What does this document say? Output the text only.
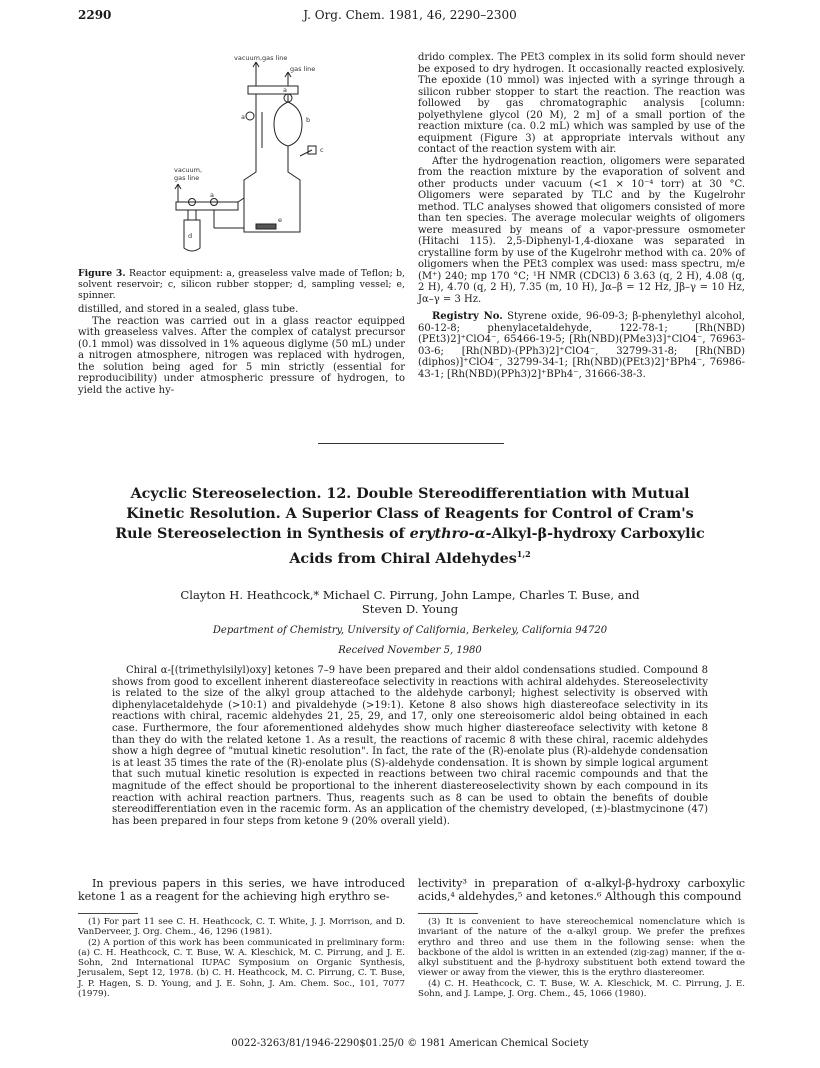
2290	J. Org. Chem. 1981, 46, 2290–2300
vacuum,gas line
gas line
vacuum,
gas line
a
a
a
b
c
d
e
Figure 3. Reactor equipment: a, greaseless valve made of Teflon; b, solvent reservoir; c, silicon rubber stopper; d, sampling vessel; e, spinner.

distilled, and stored in a sealed, glass tube.

The reaction was carried out in a glass reactor equipped with greaseless valves. After the complex of catalyst precursor (0.1 mmol) was dissolved in 1% aqueous diglyme (50 mL) under a nitrogen atmosphere, nitrogen was replaced with hydrogen, the solution being aged for 5 min strictly (essential for reproducibility) under atmospheric pressure of hydrogen, to yield the active hy-

drido complex. The PEt3 complex in its solid form should never be exposed to dry hydrogen. It occasionally reacted explosively. The epoxide (10 mmol) was injected with a syringe through a silicon rubber stopper to start the reaction. The reaction was followed by gas chromatographic analysis [column: polyethylene glycol (20 M), 2 m] of a small portion of the reaction mixture (ca. 0.2 mL) which was sampled by use of the equipment (Figure 3) at appropriate intervals without any contact of the reaction system with air.

After the hydrogenation reaction, oligomers were separated from the reaction mixture by the evaporation of solvent and other products under vacuum (<1 × 10⁻⁴ torr) at 30 °C. Oligomers were separated by TLC and by the Kugelrohr method. TLC analyses showed that oligomers consisted of more than ten species. The average molecular weights of oligomers were measured by means of a vapor-pressure osmometer (Hitachi 115). 2,5-Diphenyl-1,4-dioxane was separated in crystalline form by use of the Kugelrohr method with ca. 20% of oligomers when the PEt3 complex was used: mass spectru, m/e (M⁺) 240; mp 170 °C; ¹H NMR (CDCl3) δ 3.63 (q, 2 H), 4.08 (q, 2 H), 4.70 (q, 2 H), 7.35 (m, 10 H), Jα–β = 12 Hz, Jβ–γ = 10 Hz, Jα–γ = 3 Hz.

Registry No. Styrene oxide, 96-09-3; β-phenylethyl alcohol, 60-12-8; phenylacetaldehyde, 122-78-1; [Rh(NBD)(PEt3)2]⁺ClO4⁻, 65466-19-5; [Rh(NBD)(PMe3)3]⁺ClO4⁻, 76963-03-6; [Rh(NBD)-(PPh3)2]⁺ClO4⁻, 32799-31-8; [Rh(NBD)(diphos)]⁺ClO4⁻, 32799-34-1; [Rh(NBD)(PEt3)2]⁺BPh4⁻, 76986-43-1; [Rh(NBD)(PPh3)2]⁺BPh4⁻, 31666-38-3.

Acyclic Stereoselection. 12. Double Stereodifferentiation with Mutual
Kinetic Resolution. A Superior Class of Reagents for Control of Cram's
Rule Stereoselection in Synthesis of erythro-α-Alkyl-β-hydroxy Carboxylic
Acids from Chiral Aldehydes$^{1,2}$
Clayton H. Heathcock,* Michael C. Pirrung, John Lampe, Charles T. Buse, and
Steven D. Young
Department of Chemistry, University of California, Berkeley, California 94720
Received November 5, 1980
Chiral α-[(trimethylsilyl)oxy] ketones 7–9 have been prepared and their aldol condensations studied. Compound 8 shows from good to excellent inherent diastereoface selectivity in reactions with achiral aldehydes. Stereoselectivity is related to the size of the alkyl group attached to the aldehyde carbonyl; highest selectivity is observed with diphenylacetaldehyde (>10:1) and pivaldehyde (>19:1). Ketone 8 also shows high diastereoface selectivity in its reactions with chiral, racemic aldehydes 21, 25, 29, and 17, only one stereoisomeric aldol being obtained in each case. Furthermore, the four aforementioned aldehydes show much higher diastereoface selectivity with ketone 8 than they do with the related ketone 1. As a result, the reactions of racemic 8 with these chiral, racemic aldehydes show a high degree of "mutual kinetic resolution". In fact, the rate of the (R)-enolate plus (R)-aldehyde condensation is at least 35 times the rate of the (R)-enolate plus (S)-aldehyde condensation. It is shown by simple logical argument that such mutual kinetic resolution is expected in reactions between two chiral racemic compounds and that the magnitude of the effect should be proportional to the inherent diastereoselectivity shown by each compound in its reaction with achiral reaction partners. Thus, reagents such as 8 can be used to obtain the benefits of double stereodifferentiation even in the racemic form. As an application of the chemistry developed, (±)-blastmycinone (47) has been prepared in four steps from ketone 9 (20% overall yield).
In previous papers in this series, we have introduced ketone 1 as a reagent for the achieving high erythro se-
lectivity³ in preparation of α-alkyl-β-hydroxy carboxylic acids,⁴ aldehydes,⁵ and ketones.⁶ Although this compound

(1) For part 11 see C. H. Heathcock, C. T. White, J. J. Morrison, and D. VanDerveer, J. Org. Chem., 46, 1296 (1981).

(2) A portion of this work has been communicated in preliminary form: (a) C. H. Heathcock, C. T. Buse, W. A. Kleschick, M. C. Pirrung, and J. E. Sohn, 2nd International IUPAC Symposium on Organic Synthesis, Jerusalem, Sept 12, 1978. (b) C. H. Heathcock, M. C. Pirrung, C. T. Buse, J. P. Hagen, S. D. Young, and J. E. Sohn, J. Am. Chem. Soc., 101, 7077 (1979).

(3) It is convenient to have stereochemical nomenclature which is invariant of the nature of the α-alkyl group. We prefer the prefixes erythro and threo and use them in the following sense: when the backbone of the aldol is written in an extended (zig-zag) manner, if the α-alkyl substituent and the β-hydroxy substituent both extend toward the viewer or away from the viewer, this is the erythro diastereomer.

(4) C. H. Heathcock, C. T. Buse, W. A. Kleschick, M. C. Pirrung, J. E. Sohn, and J. Lampe, J. Org. Chem., 45, 1066 (1980).

0022-3263/81/1946-2290$01.25/0 © 1981 American Chemical Society
